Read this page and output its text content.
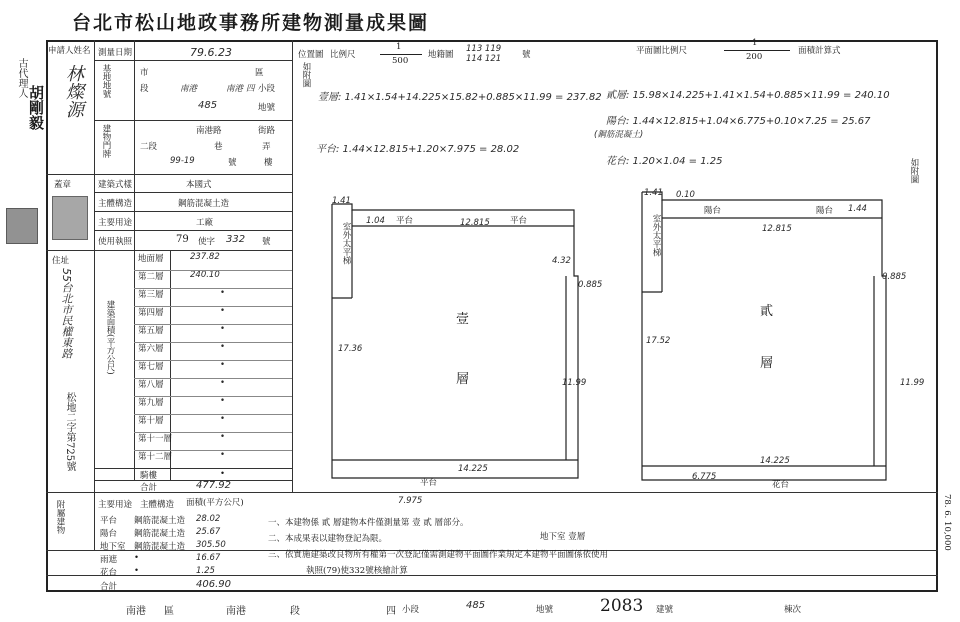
台北市松山地政事務所建物測量成果圖
古代理人
胡剛毅
申請人姓名
林燦源
測量日期	79.6.23
基地地號	市	區
段	南港	南港 四 小段
485	地號
建物門牌	南港路	街路
二段	巷	弄
99-19	號	樓
蓋章	建築式樣	本國式
主體構造	鋼筋混凝土造
主要用途	工廠
使用執照	79 使字 332 號
住址
55台北市民權東路
松地二字第725號
建築面積(平方公尺)
地面層	237.82
第二層	240.10
第三層	•
第四層	•
第五層	•
第六層	•
第七層	•
第八層	•
第九層	•
第十層	•
第十一層	•
第十二層	•
騎樓	•
合計	477.92
主要用途 主體構造 面積(平方公尺)
附屬建物	平台 鋼筋混凝土造 28.02
陽台 鋼筋混凝土造 25.67
地下室 鋼筋混凝土造 305.50
雨遮 •	16.67
花台 •	1.25
合計	406.90
位置圖 比例尺
1
500
地籍圖
113 119 114 121	號
如附圖
平面圖比例尺
1
200
面積計算式
壹層: 1.41×1.54+14.225×15.82+0.885×11.99 = 237.82
平台: 1.44×12.815+1.20×7.975 = 28.02
貳層: 15.98×14.225+1.41×1.54+0.885×11.99 = 240.10
陽台: 1.44×12.815+1.04×6.775+0.10×7.25 = 25.67
(鋼筋混凝土)
花台: 1.20×1.04 = 1.25	如附圖
壹
層
12.815
平台	平台
17.36
11.99
14.225
7.975
1.41
1.04
4.32
0.885
室外太平梯
平台
貳
層
12.815
陽台	陽台
17.52
11.99
14.225
6.775
1.41 0.10
1.44
0.885
花台
室外太平梯
一、本建物係 貳 層建物本件僅測量第 壹 貳 層部分。
二、本成果表以建物登記為限。
三、依實施建築改良物所有權第一次登記僅需測建物平面圖作業規定本建物平面圖係依使用
地下室 壹層
執照(79)使332號核繪計算
南港 區	南港	段	四 小段	485	地號	2083 建號	棟次
78. 6. 10,000
